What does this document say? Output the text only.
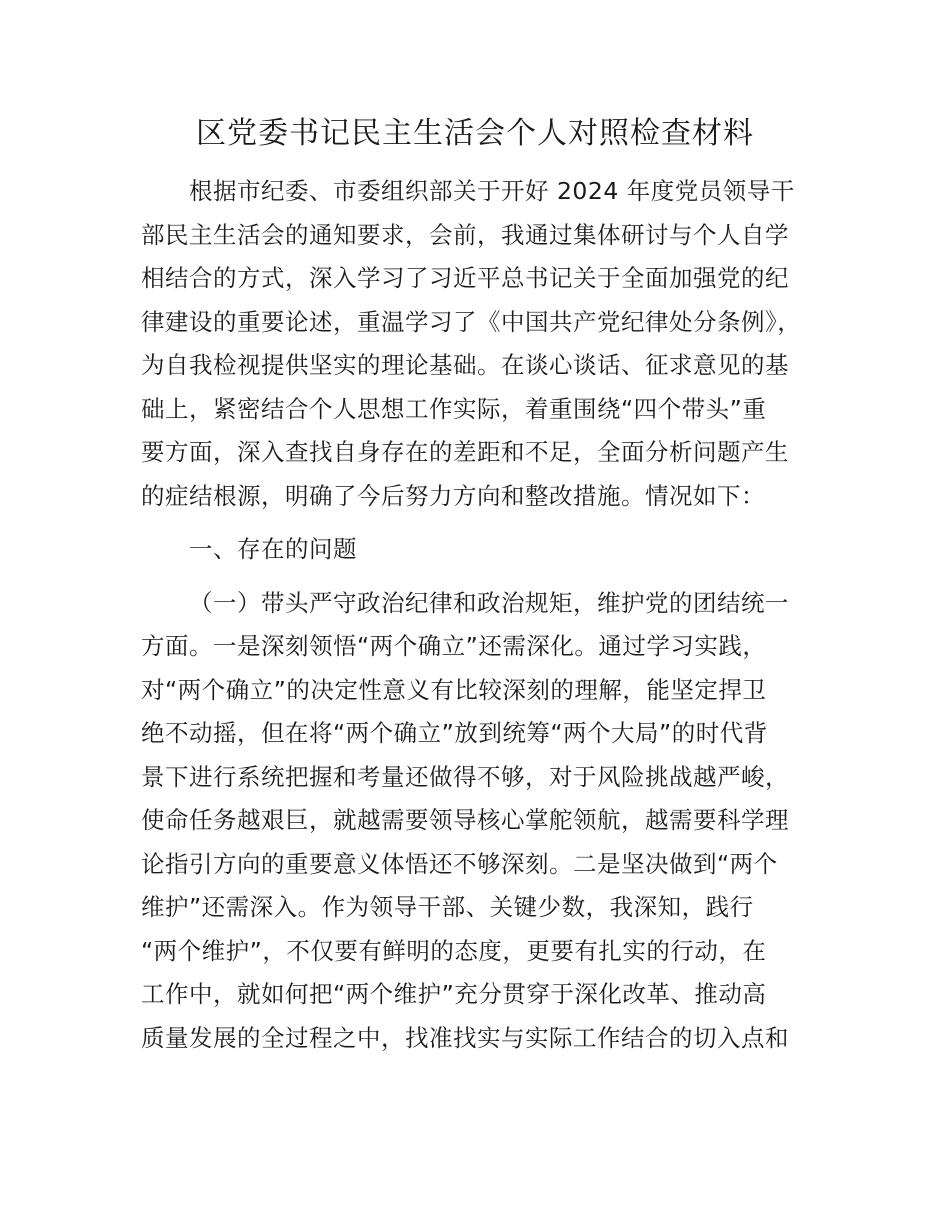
区党委书记民主生活会个人对照检查材料
根据市纪委、市委组织部关于开好 2024 年度党员领导干
部民主生活会的通知要求，会前，我通过集体研讨与个人自学
相结合的方式，深入学习了习近平总书记关于全面加强党的纪
律建设的重要论述，重温学习了《中国共产党纪律处分条例》，
为自我检视提供坚实的理论基础。在谈心谈话、征求意见的基
础上，紧密结合个人思想工作实际，着重围绕“四个带头”重
要方面，深入查找自身存在的差距和不足，全面分析问题产生
的症结根源，明确了今后努力方向和整改措施。情况如下：
一、存在的问题
（一）带头严守政治纪律和政治规矩，维护党的团结统一
方面。一是深刻领悟“两个确立”还需深化。通过学习实践，
对“两个确立”的决定性意义有比较深刻的理解，能坚定捍卫
绝不动摇，但在将“两个确立”放到统筹“两个大局”的时代背
景下进行系统把握和考量还做得不够，对于风险挑战越严峻，
使命任务越艰巨，就越需要领导核心掌舵领航，越需要科学理
论指引方向的重要意义体悟还不够深刻。二是坚决做到“两个
维护”还需深入。作为领导干部、关键少数，我深知，践行
“两个维护”，不仅要有鲜明的态度，更要有扎实的行动，在
工作中，就如何把“两个维护”充分贯穿于深化改革、推动高
质量发展的全过程之中，找准找实与实际工作结合的切入点和
